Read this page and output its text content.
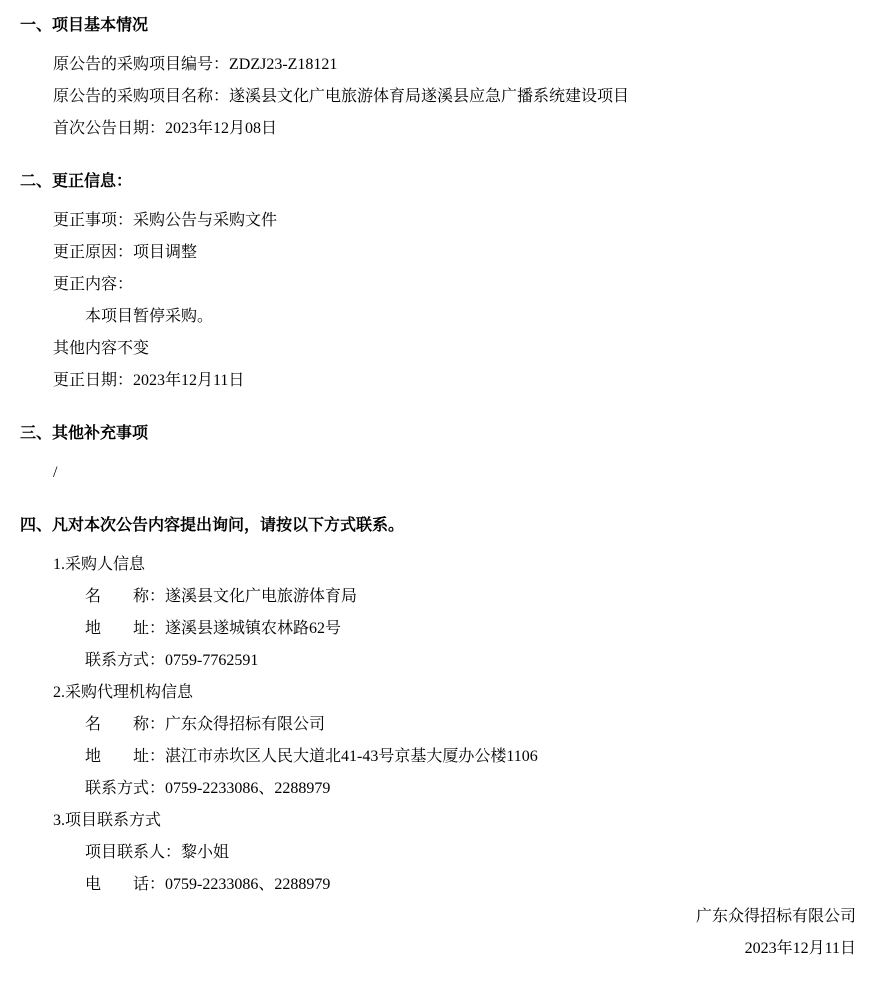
一、项目基本情况

原公告的采购项目编号：ZDZJ23-Z18121

原公告的采购项目名称：遂溪县文化广电旅游体育局遂溪县应急广播系统建设项目

首次公告日期：2023年12月08日

二、更正信息：

更正事项：采购公告与采购文件

更正原因：项目调整

更正内容：

本项目暂停采购。

其他内容不变

更正日期：2023年12月11日

三、其他补充事项

/

四、凡对本次公告内容提出询问，请按以下方式联系。

1.采购人信息

名　　称：遂溪县文化广电旅游体育局

地　　址：遂溪县遂城镇农林路62号

联系方式：0759-7762591

2.采购代理机构信息

名　　称：广东众得招标有限公司

地　　址：湛江市赤坎区人民大道北41-43号京基大厦办公楼1106

联系方式：0759-2233086、2288979

3.项目联系方式

项目联系人：黎小姐

电　　话：0759-2233086、2288979

广东众得招标有限公司

2023年12月11日
